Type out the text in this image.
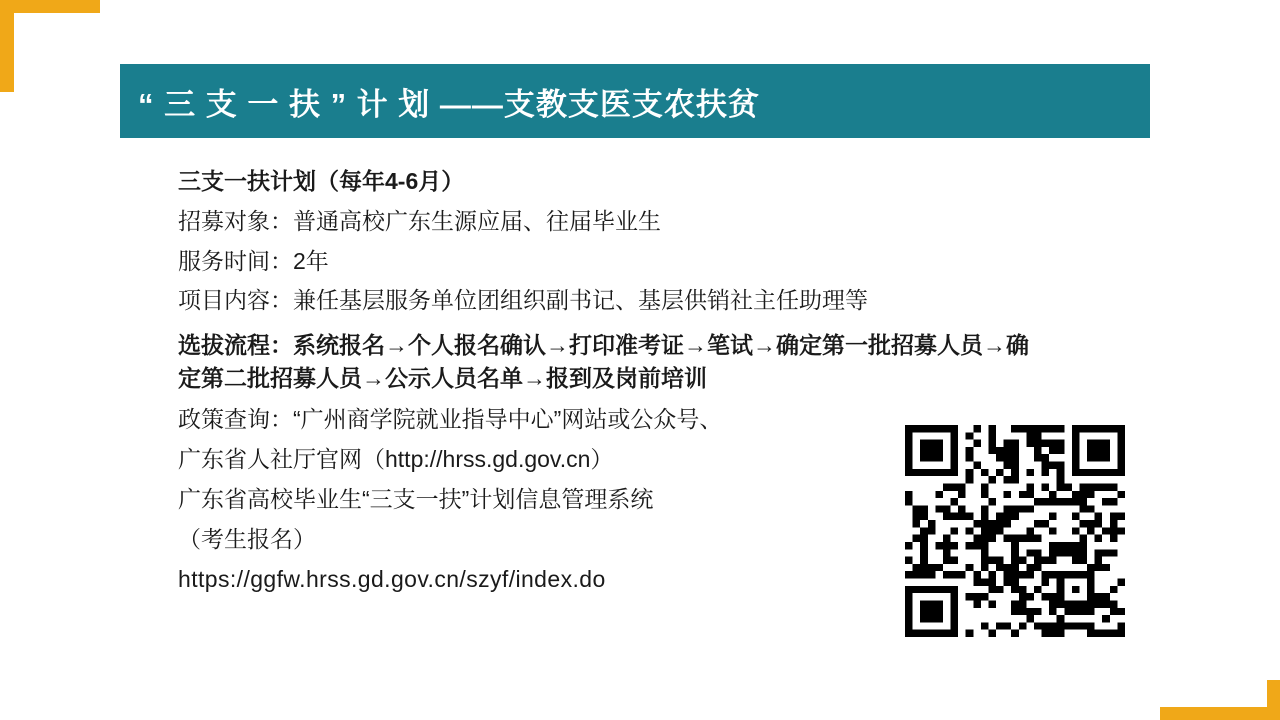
“ 三 支 一 扶 ” 计 划 ——支教支医支农扶贫
三支一扶计划（每年4-6月）
招募对象：普通高校广东生源应届、往届毕业生
服务时间：2年
项目内容：兼任基层服务单位团组织副书记、基层供销社主任助理等
选拔流程：系统报名→个人报名确认→打印准考证→笔试→确定第一批招募人员→确定第二批招募人员→公示人员名单→报到及岗前培训
政策查询：“广州商学院就业指导中心”网站或公众号、
广东省人社厅官网（http://hrss.gd.gov.cn）
广东省高校毕业生“三支一扶”计划信息管理系统
（考生报名）
https://ggfw.hrss.gd.gov.cn/szyf/index.do
